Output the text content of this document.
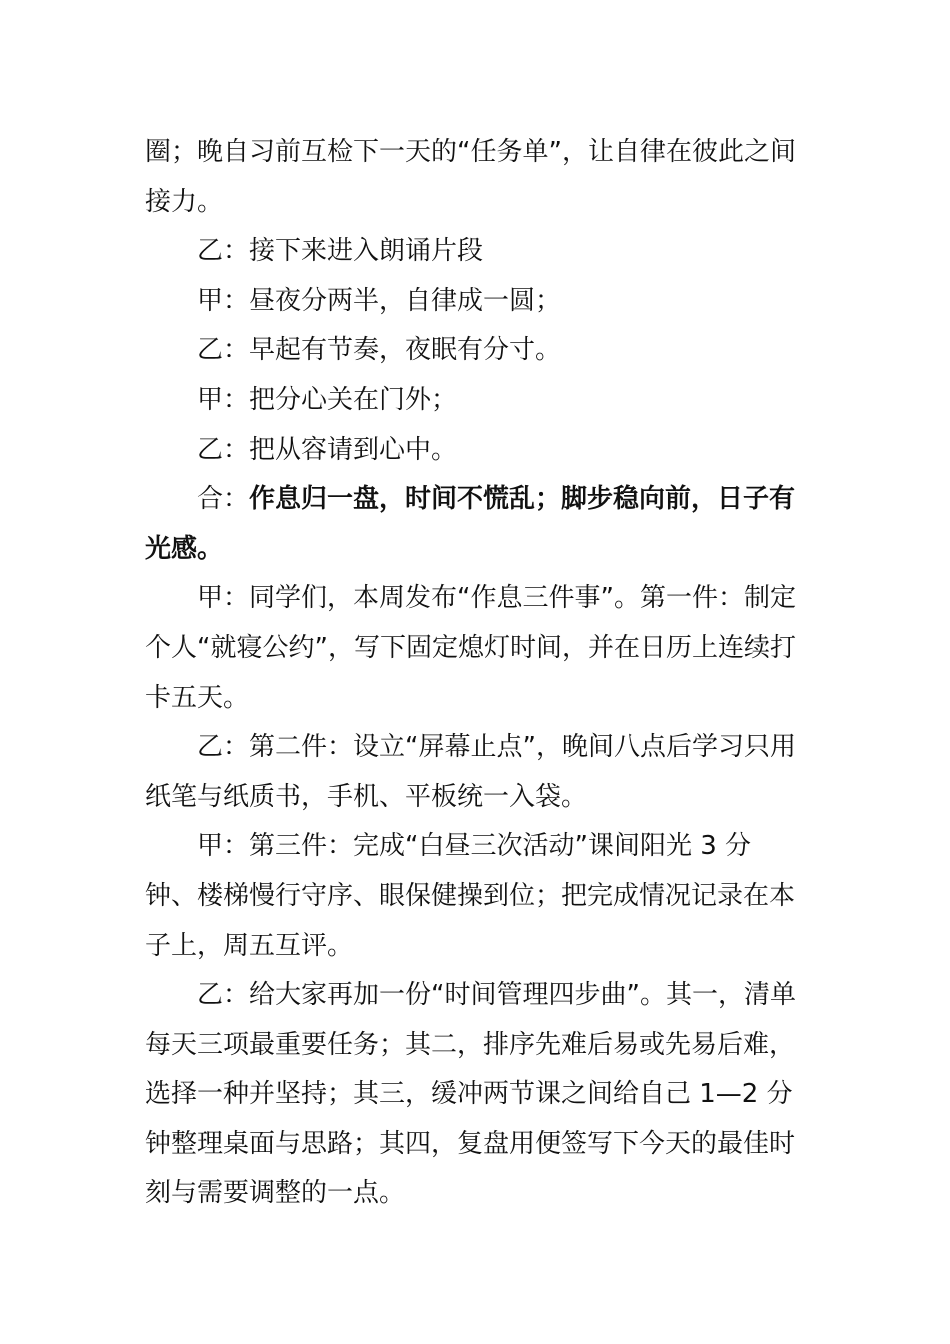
圈；晚自习前互检下一天的“任务单”，让自律在彼此之间接力。

乙：接下来进入朗诵片段

甲：昼夜分两半，自律成一圆；

乙：早起有节奏，夜眠有分寸。

甲：把分心关在门外；

乙：把从容请到心中。

合：作息归一盘，时间不慌乱；脚步稳向前，日子有光感。

甲：同学们，本周发布“作息三件事”。第一件：制定个人“就寝公约”，写下固定熄灯时间，并在日历上连续打卡五天。

乙：第二件：设立“屏幕止点”，晚间八点后学习只用纸笔与纸质书，手机、平板统一入袋。

甲：第三件：完成“白昼三次活动”课间阳光 3 分钟、楼梯慢行守序、眼保健操到位；把完成情况记录在本子上，周五互评。

乙：给大家再加一份“时间管理四步曲”。其一，清单每天三项最重要任务；其二，排序先难后易或先易后难，选择一种并坚持；其三，缓冲两节课之间给自己 1—2 分钟整理桌面与思路；其四，复盘用便签写下今天的最佳时刻与需要调整的一点。
